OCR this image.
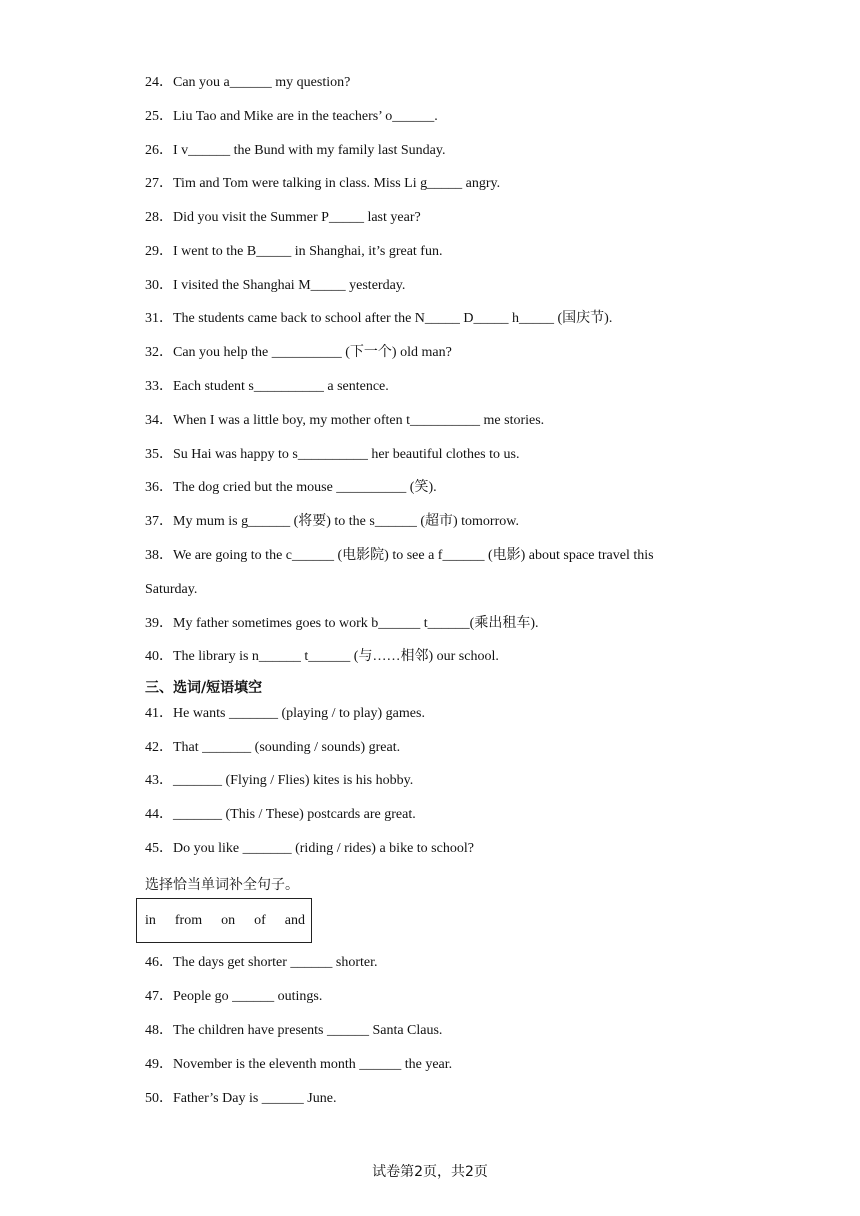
24．Can you a______ my question?
25．Liu Tao and Mike are in the teachers’ o______.
26．I v______ the Bund with my family last Sunday.
27．Tim and Tom were talking in class. Miss Li g_____ angry.
28．Did you visit the Summer P_____ last year?
29．I went to the B_____ in Shanghai, it’s great fun.
30．I visited the Shanghai M_____ yesterday.
31．The students came back to school after the N_____ D_____ h_____ (国庆节).
32．Can you help the __________ (下一个) old man?
33．Each student s__________ a sentence.
34．When I was a little boy, my mother often t__________ me stories.
35．Su Hai was happy to s__________ her beautiful clothes to us.
36．The dog cried but the mouse __________ (笑).
37．My mum is g______ (将要) to the s______ (超市) tomorrow.
38．We are going to the c______ (电影院) to see a f______ (电影) about space travel this
Saturday.
39．My father sometimes goes to work b______ t______(乘出租车).
40．The library is n______ t______ (与……相邻) our school.
三、选词/短语填空
41．He wants _______ (playing / to play) games.
42．That _______ (sounding / sounds) great.
43．_______ (Flying / Flies) kites is his hobby.
44．_______ (This / These) postcards are great.
45．Do you like _______ (riding / rides) a bike to school?
选择恰当单词补全句子。
in from on of and
46．The days get shorter ______ shorter.
47．People go ______ outings.
48．The children have presents ______ Santa Claus.
49．November is the eleventh month ______ the year.
50．Father’s Day is ______ June.
试卷第2页，共2页
